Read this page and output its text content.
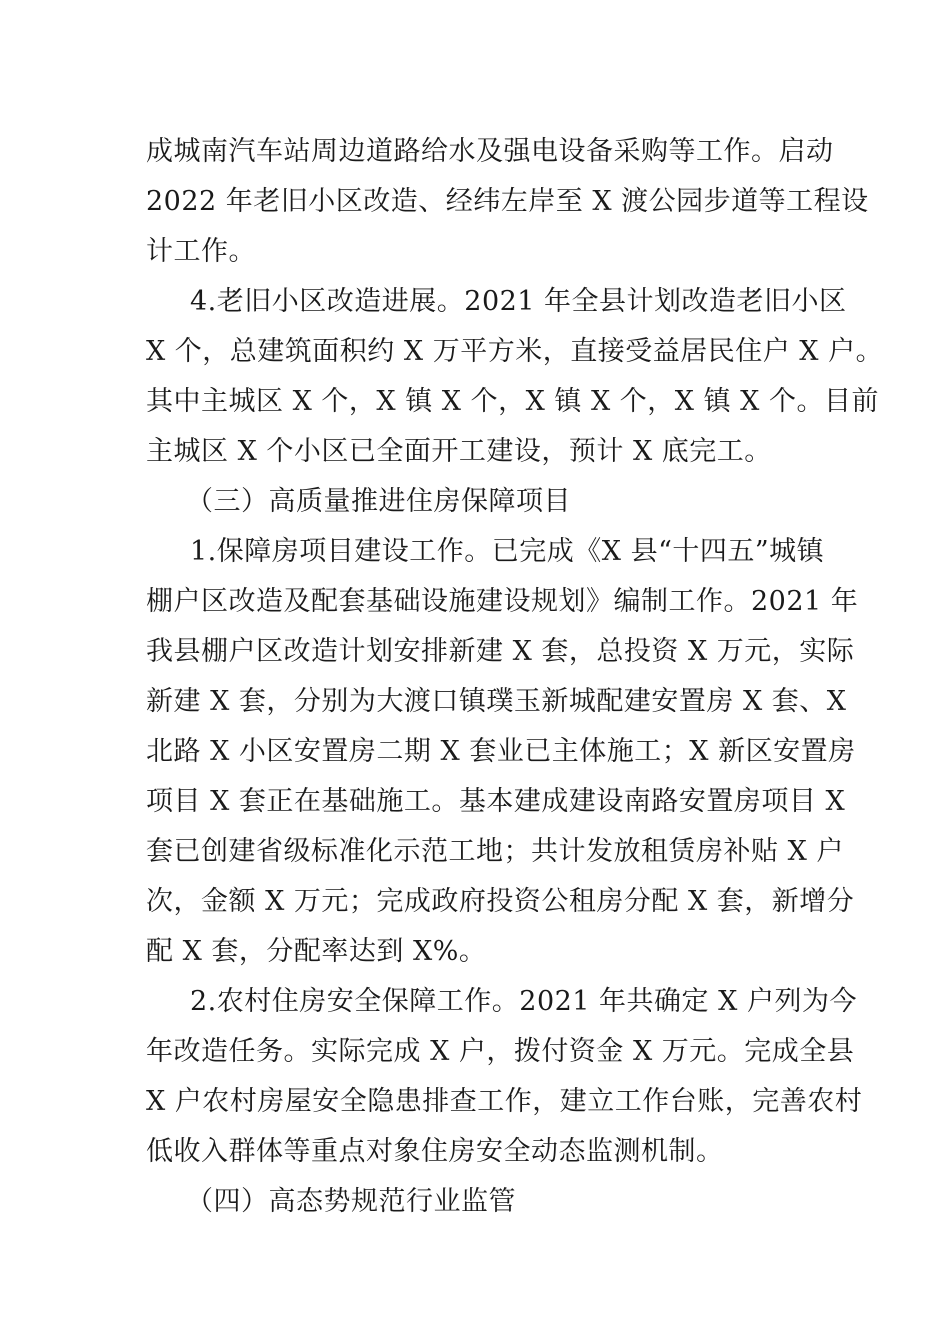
成城南汽车站周边道路给水及强电设备采购等工作。启动
2022 年老旧小区改造、经纬左岸至 X 渡公园步道等工程设
计工作。
4.老旧小区改造进展。2021 年全县计划改造老旧小区
X 个，总建筑面积约 X 万平方米，直接受益居民住户 X 户。
其中主城区 X 个，X 镇 X 个，X 镇 X 个，X 镇 X 个。目前
主城区 X 个小区已全面开工建设，预计 X 底完工。
（三）高质量推进住房保障项目
1.保障房项目建设工作。已完成《X 县“十四五”城镇
棚户区改造及配套基础设施建设规划》编制工作。2021 年
我县棚户区改造计划安排新建 X 套，总投资 X 万元，实际
新建 X 套，分别为大渡口镇璞玉新城配建安置房 X 套、X
北路 X 小区安置房二期 X 套业已主体施工；X 新区安置房
项目 X 套正在基础施工。基本建成建设南路安置房项目 X
套已创建省级标准化示范工地；共计发放租赁房补贴 X 户
次，金额 X 万元；完成政府投资公租房分配 X 套，新增分
配 X 套，分配率达到 X%。
2.农村住房安全保障工作。2021 年共确定 X 户列为今
年改造任务。实际完成 X 户，拨付资金 X 万元。完成全县
X 户农村房屋安全隐患排查工作，建立工作台账，完善农村
低收入群体等重点对象住房安全动态监测机制。
（四）高态势规范行业监管
